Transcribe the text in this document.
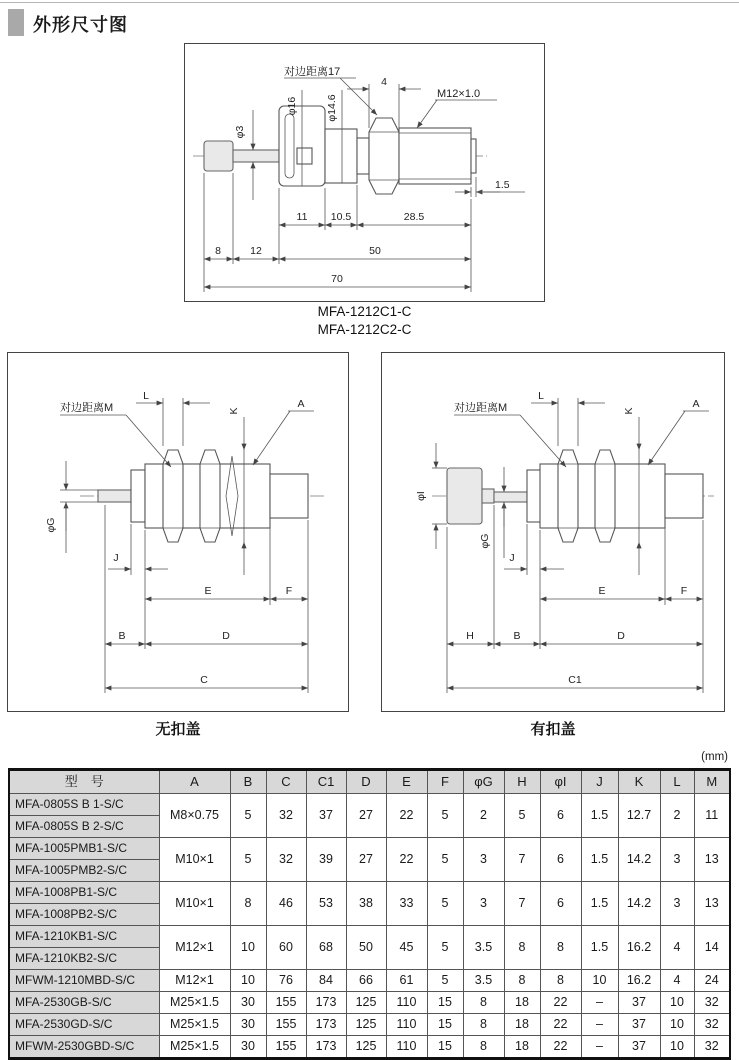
外形尺寸图
对边距离17
4
M12×1.0
φ3
φ16	φ14.6
1.5
11 10.5	28.5
8	12	50
70
MFA-1212C1-C
MFA-1212C2-C
L
K
对边距离M	A
φG
J
E	F
B	D
C
无扣盖
L
K
对边距离M	A
φI
φG
J
E	F
H	B	D
C1
有扣盖
(mm)
型　号	A	B	C	C1	D	E	F	φG	H	φI	J	K	L	M
MFA-0805S B 1-S/C	M8×0.75	5	32	37	27	22	5	2	5	6	1.5	12.7	2	11
MFA-0805S B 2-S/C														
MFA-1005PMB1-S/C	M10×1	5	32	39	27	22	5	3	7	6	1.5	14.2	3	13
MFA-1005PMB2-S/C														
MFA-1008PB1-S/C	M10×1	8	46	53	38	33	5	3	7	6	1.5	14.2	3	13
MFA-1008PB2-S/C														
MFA-1210KB1-S/C	M12×1	10	60	68	50	45	5	3.5	8	8	1.5	16.2	4	14
MFA-1210KB2-S/C														
MFWM-1210MBD-S/C	M12×1	10	76	84	66	61	5	3.5	8	8	10	16.2	4	24
MFA-2530GB-S/C	M25×1.5	30	155	173	125	110	15	8	18	22	–	37	10	32
MFA-2530GD-S/C	M25×1.5	30	155	173	125	110	15	8	18	22	–	37	10	32
MFWM-2530GBD-S/C	M25×1.5	30	155	173	125	110	15	8	18	22	–	37	10	32
